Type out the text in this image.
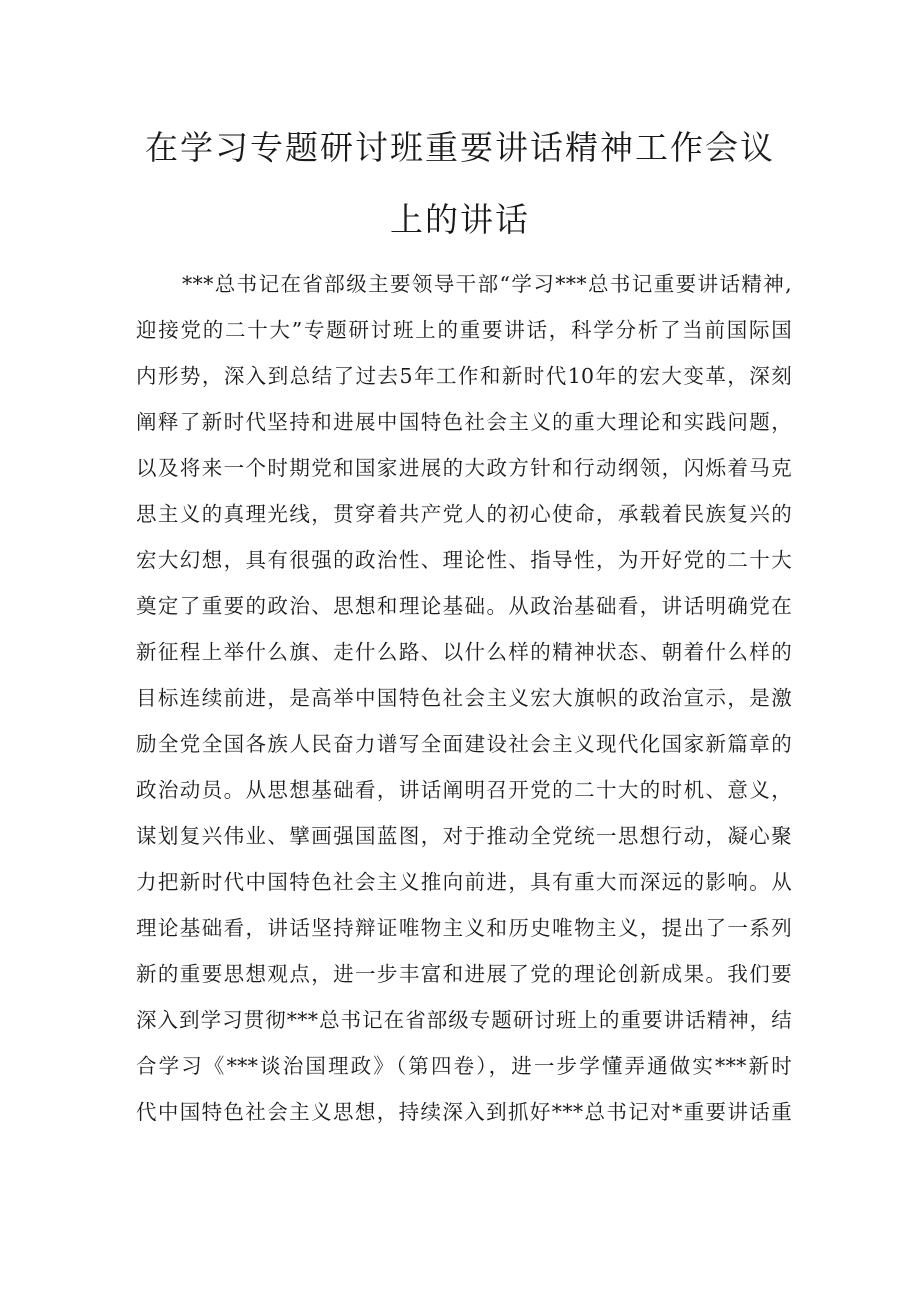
在学习专题研讨班重要讲话精神工作会议
上的讲话
***总书记在省部级主要领导干部“学习***总书记重要讲话精神,
迎接党的二十大”专题研讨班上的重要讲话，科学分析了当前国际国
内形势，深入到总结了过去5年工作和新时代10年的宏大变革，深刻
阐释了新时代坚持和进展中国特色社会主义的重大理论和实践问题，
以及将来一个时期党和国家进展的大政方针和行动纲领，闪烁着马克
思主义的真理光线，贯穿着共产党人的初心使命，承载着民族复兴的
宏大幻想，具有很强的政治性、理论性、指导性，为开好党的二十大
奠定了重要的政治、思想和理论基础。从政治基础看，讲话明确党在
新征程上举什么旗、走什么路、以什么样的精神状态、朝着什么样的
目标连续前进，是高举中国特色社会主义宏大旗帜的政治宣示，是激
励全党全国各族人民奋力谱写全面建设社会主义现代化国家新篇章的
政治动员。从思想基础看，讲话阐明召开党的二十大的时机、意义，
谋划复兴伟业、擘画强国蓝图，对于推动全党统一思想行动，凝心聚
力把新时代中国特色社会主义推向前进，具有重大而深远的影响。从
理论基础看，讲话坚持辩证唯物主义和历史唯物主义，提出了一系列
新的重要思想观点，进一步丰富和进展了党的理论创新成果。我们要
深入到学习贯彻***总书记在省部级专题研讨班上的重要讲话精神，结
合学习《***谈治国理政》（第四卷），进一步学懂弄通做实***新时
代中国特色社会主义思想，持续深入到抓好***总书记对*重要讲话重
